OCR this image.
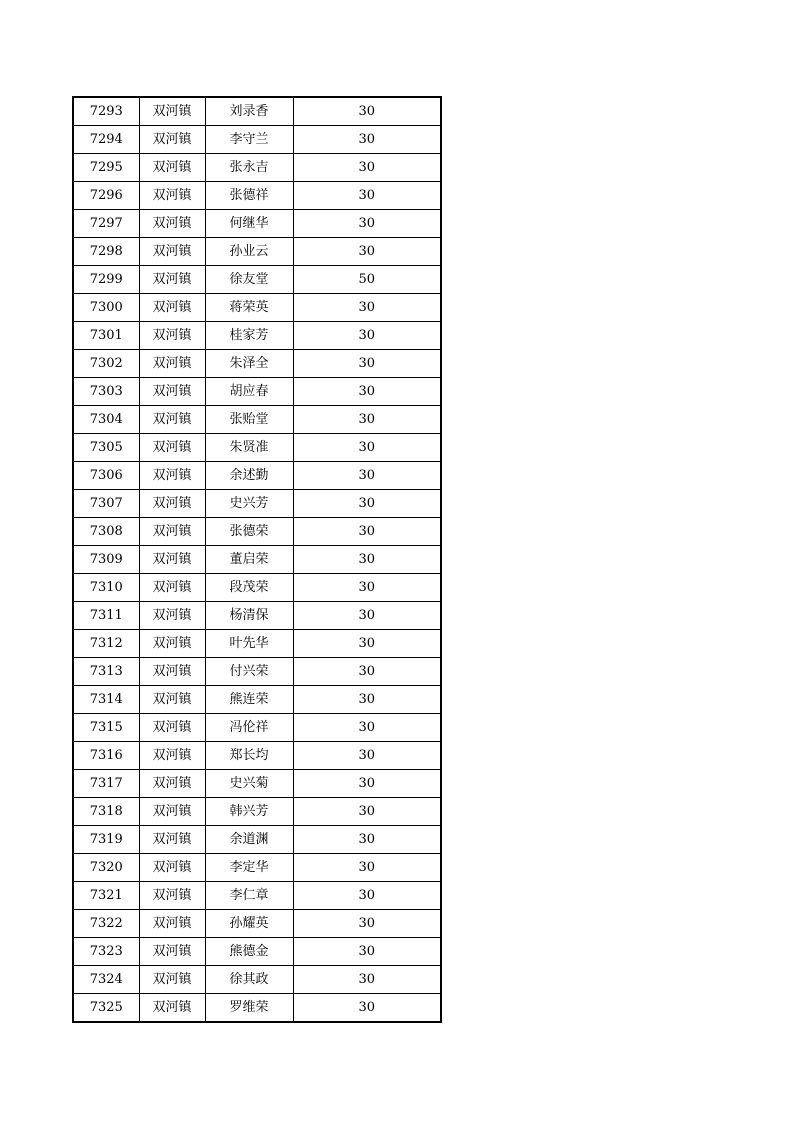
7293	双河镇	刘录香	30
7294	双河镇	李守兰	30
7295	双河镇	张永吉	30
7296	双河镇	张德祥	30
7297	双河镇	何继华	30
7298	双河镇	孙业云	30
7299	双河镇	徐友堂	50
7300	双河镇	蒋荣英	30
7301	双河镇	桂家芳	30
7302	双河镇	朱泽全	30
7303	双河镇	胡应春	30
7304	双河镇	张贻堂	30
7305	双河镇	朱贤准	30
7306	双河镇	余述勤	30
7307	双河镇	史兴芳	30
7308	双河镇	张德荣	30
7309	双河镇	董启荣	30
7310	双河镇	段茂荣	30
7311	双河镇	杨清保	30
7312	双河镇	叶先华	30
7313	双河镇	付兴荣	30
7314	双河镇	熊连荣	30
7315	双河镇	冯伦祥	30
7316	双河镇	郑长均	30
7317	双河镇	史兴菊	30
7318	双河镇	韩兴芳	30
7319	双河镇	余道渊	30
7320	双河镇	李定华	30
7321	双河镇	李仁章	30
7322	双河镇	孙耀英	30
7323	双河镇	熊德金	30
7324	双河镇	徐其政	30
7325	双河镇	罗维荣	30
